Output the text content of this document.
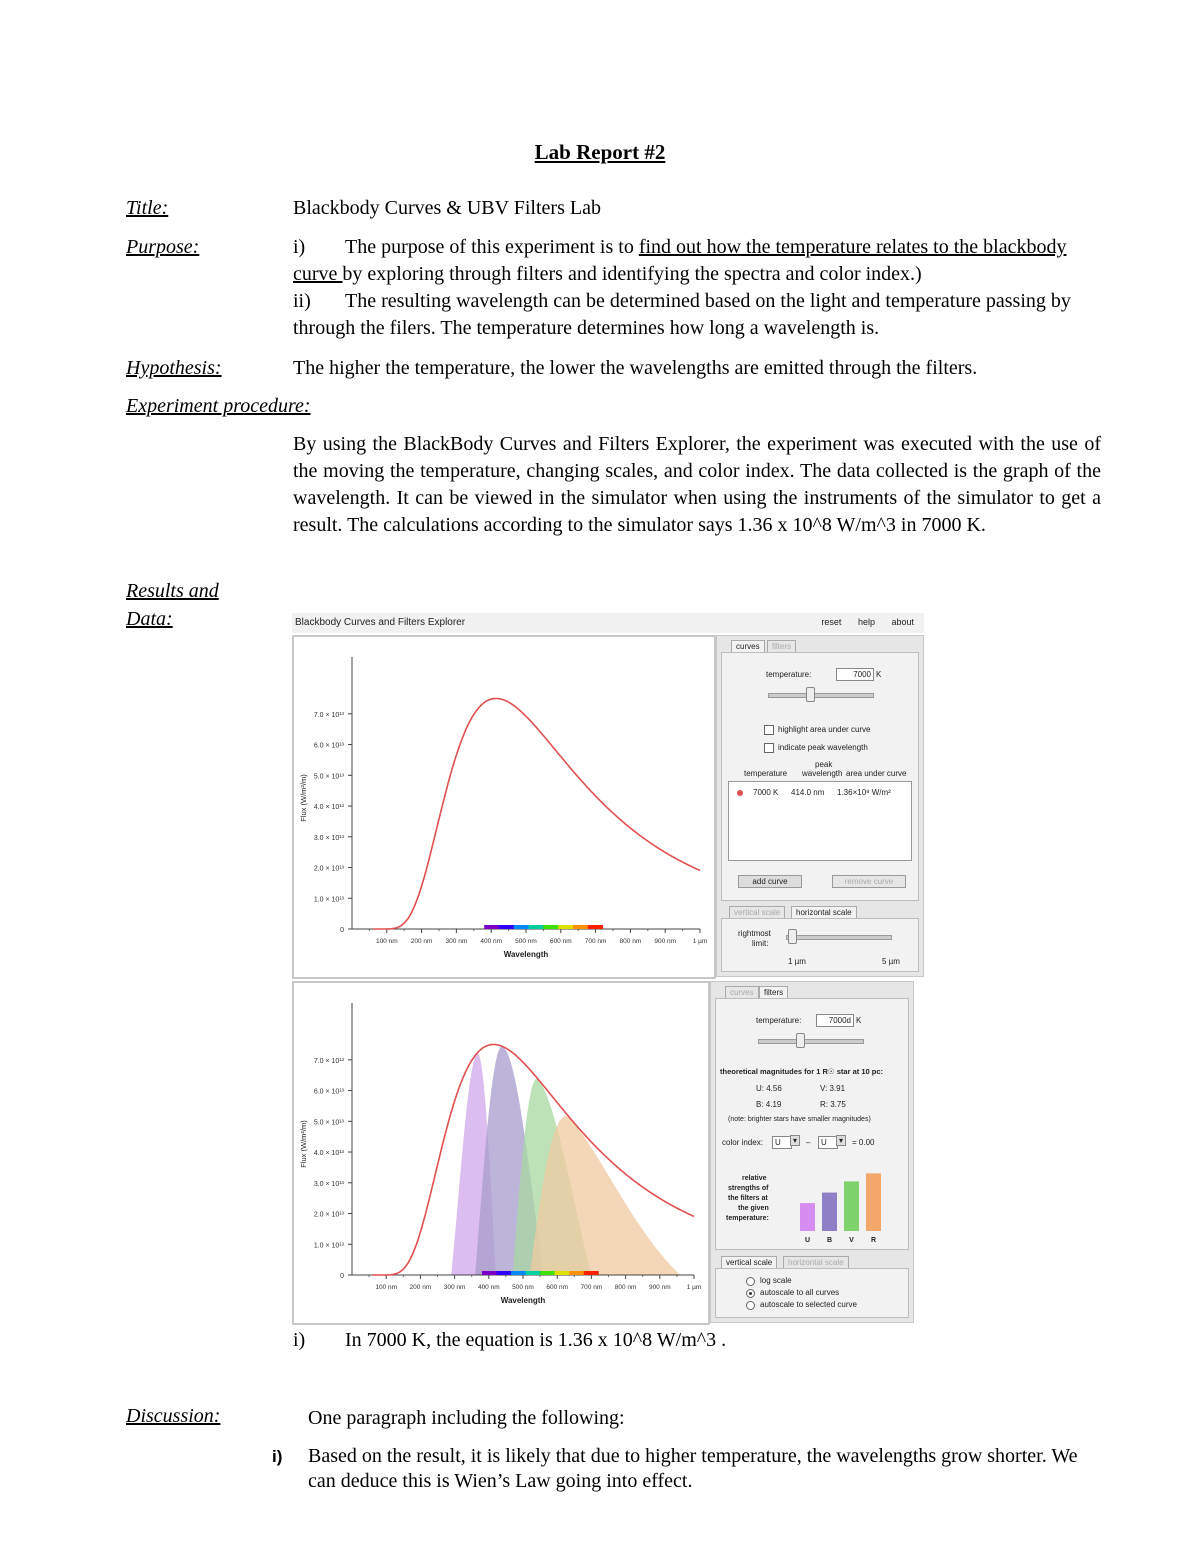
Lab Report #2
Title:	Blackbody Curves & UBV Filters Lab
Purpose:	i) The purpose of this experiment is to find out how the temperature relates to the blackbody curve by exploring through filters and identifying the spectra and color index.)
ii) The resulting wavelength can be determined based on the light and temperature passing by through the filers. The temperature determines how long a wavelength is.
Hypothesis:	The higher the temperature, the lower the wavelengths are emitted through the filters.
Experiment procedure:
By using the BlackBody Curves and Filters Explorer, the experiment was executed with the use of the moving the temperature, changing scales, and color index. The data collected is the graph of the wavelength. It can be viewed in the simulator when using the instruments of the simulator to get a result. The calculations according to the simulator says 1.36 x 10^8 W/m^3 in 7000 K.
Results and
Data:	Blackbody Curves and Filters Explorer	reset help about
7.0 × 10¹³
6.0 × 10¹³
5.0 × 10¹³
4.0 × 10¹³
3.0 × 10¹³
2.0 × 10¹³
1.0 × 10¹³
0
100 nm 200 nm 300 nm 400 nm 500 nm 600 nm 700 nm 800 nm 900 nm	1 µm
Wavelength
Flux (W/m²/m)
curves	filters
temperature:	7000 K
highlight area under curve
indicate peak wavelength
peak
temperature wavelength area under curve
7000 K 414.0 nm 1.36×10⁸ W/m²
add curve	remove curve
vertical scale	horizontal scale
rightmost
limit:
1 µm	5 µm
7.0 × 10¹³
6.0 × 10¹³
5.0 × 10¹³
4.0 × 10¹³
3.0 × 10¹³
2.0 × 10¹³
1.0 × 10¹³
0
100 nm 200 nm 300 nm 400 nm 500 nm 600 nm 700 nm 800 nm 900 nm 1 µm
Wavelength
Flux (W/m²/m)
curves	filters
temperature:	7000d K
theoretical magnitudes for 1 R☉ star at 10 pc:
U: 4.56	V: 3.91
B: 4.19	R: 3.75
(note: brighter stars have smaller magnitudes)
color index:	U	▾	–	U	▾	= 0.00
relative
strengths of
the filters at
the given
temperature:
U B V R
vertical scale	horizontal scale
log scale
autoscale to all curves
autoscale to selected curve
i) In 7000 K, the equation is 1.36 x 10^8 W/m^3 .
Discussion:	One paragraph including the following:
i) Based on the result, it is likely that due to higher temperature, the wavelengths grow shorter. We can deduce this is Wien’s Law going into effect.
